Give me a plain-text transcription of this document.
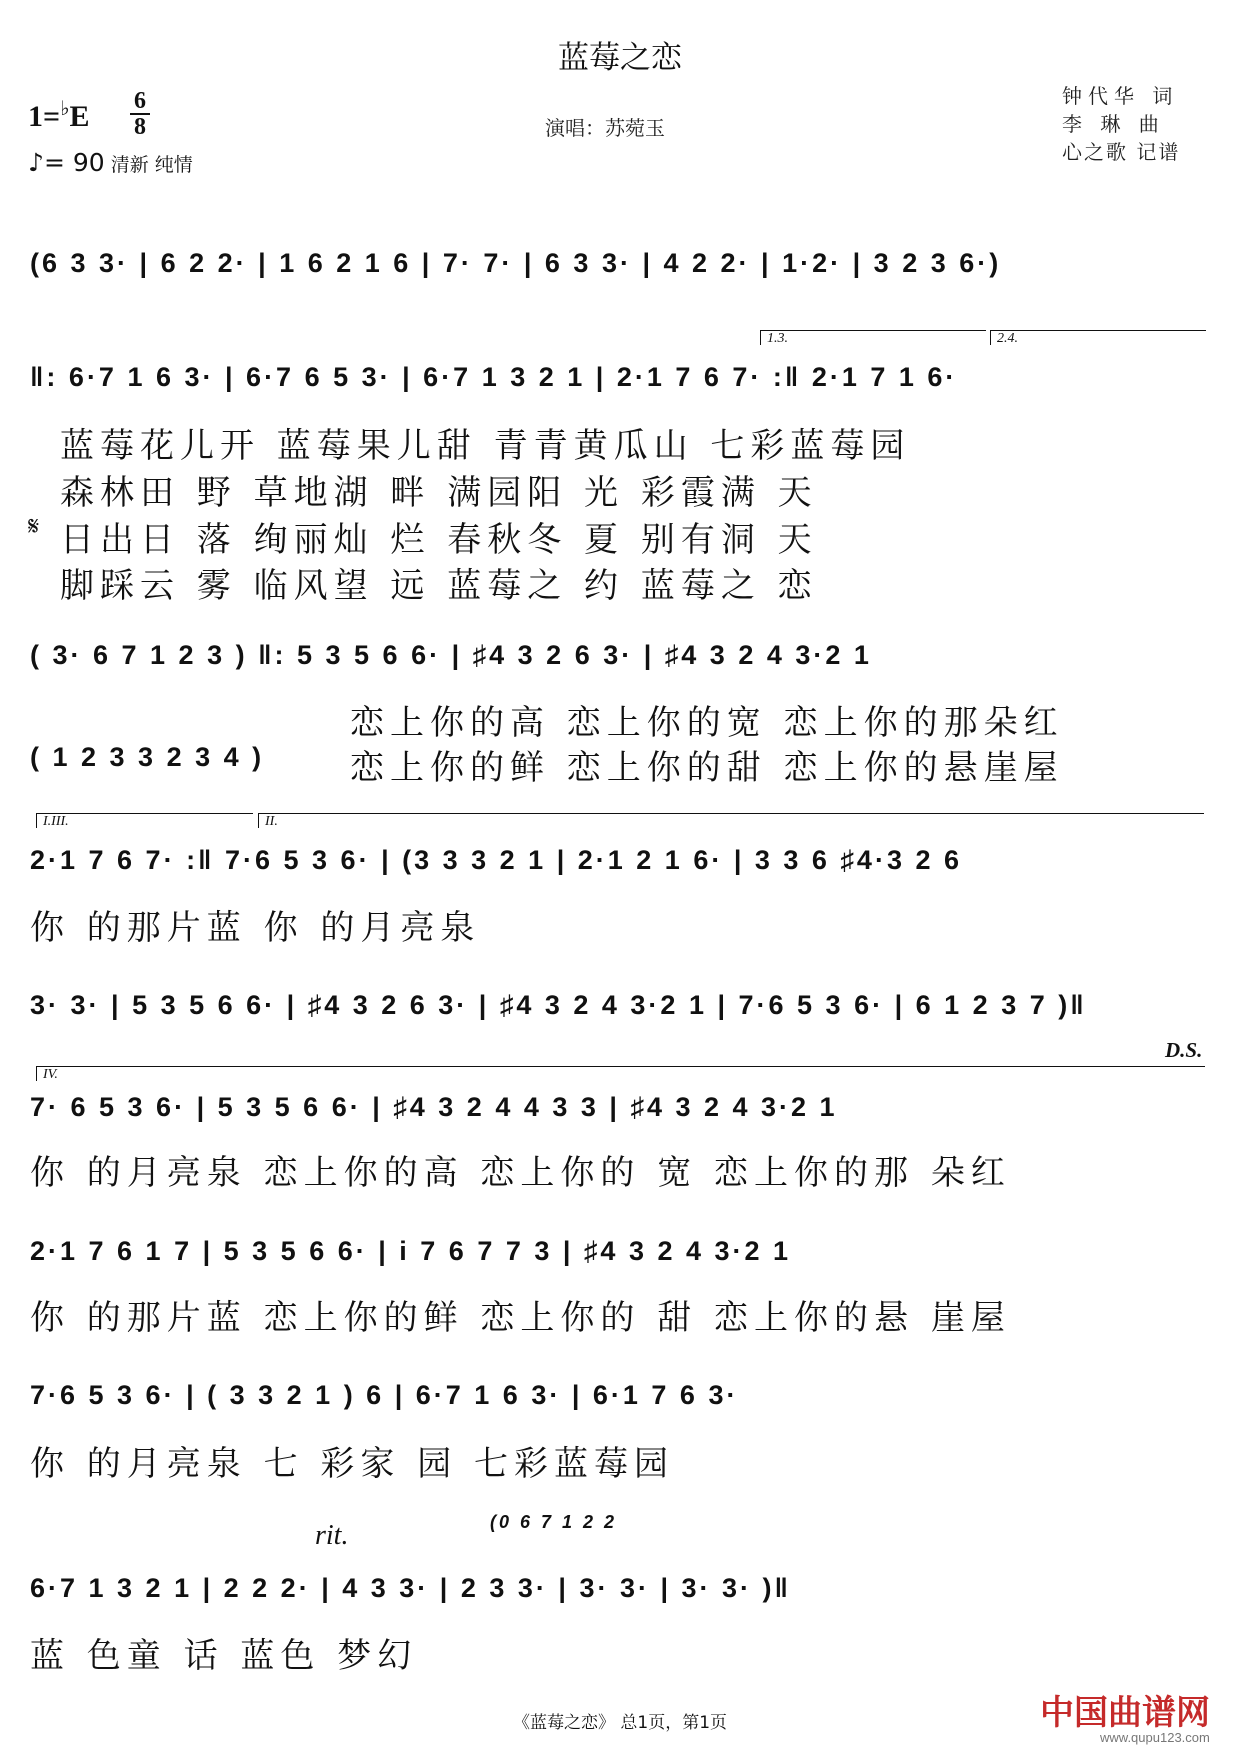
蓝莓之恋
1=♭E 6
8
♪= 90 清新 纯情
演唱：苏菀玉
钟代华 词
李 琳 曲
心之歌 记谱
(6 3 3· | 6 2 2· | 1 6 2 1 6 | 7· 7· | 6 3 3· | 4 2 2· | 1·2· | 3 2 3 6·)
1.3.	2.4.
‖: 6·7 1 6 3· | 6·7 6 5 3· | 6·7 1 3 2 1 | 2·1 7 6 7· :‖ 2·1 7 1 6·
蓝莓花儿开 蓝莓果儿甜 青青黄瓜山 七彩蓝莓园
森林田 野 草地湖 畔 满园阳 光 彩霞满 天
𝄋 日出日 落 绚丽灿 烂 春秋冬 夏 别有洞 天
脚踩云 雾 临风望 远 蓝莓之 约 蓝莓之 恋
( 3· 6 7 1 2 3 ) ‖: 5 3 5 6 6· | ♯4 3 2 6 3· | ♯4 3 2 4 3·2 1
恋上你的高 恋上你的宽 恋上你的那朵红
( 1 2 3 3 2 3 4 )	恋上你的鲜 恋上你的甜 恋上你的悬崖屋
I.III.	II.
2·1 7 6 7· :‖ 7·6 5 3 6· | (3 3 3 2 1 | 2·1 2 1 6· | 3 3 6 ♯4·3 2 6
你 的那片蓝 你 的月亮泉
3· 3· | 5 3 5 6 6· | ♯4 3 2 6 3· | ♯4 3 2 4 3·2 1 | 7·6 5 3 6· | 6 1 2 3 7 )‖
D.S.
IV.
7· 6 5 3 6· | 5 3 5 6 6· | ♯4 3 2 4 4 3 3 | ♯4 3 2 4 3·2 1
你 的月亮泉 恋上你的高 恋上你的 宽 恋上你的那 朵红
2·1 7 6 1 7 | 5 3 5 6 6· | i 7 6 7 7 3 | ♯4 3 2 4 3·2 1
你 的那片蓝 恋上你的鲜 恋上你的 甜 恋上你的悬 崖屋
7·6 5 3 6· | ( 3 3 2 1 ) 6 | 6·7 1 6 3· | 6·1 7 6 3·
你 的月亮泉 七 彩家 园 七彩蓝莓园
(0 6 7 1 2 2
rit.
6·7 1 3 2 1 | 2 2 2· | 4 3 3· | 2 3 3· | 3· 3· | 3· 3· )‖
蓝 色童 话 蓝色 梦幻
《蓝莓之恋》 总1页，第1页	中国曲谱网
www.qupu123.com
